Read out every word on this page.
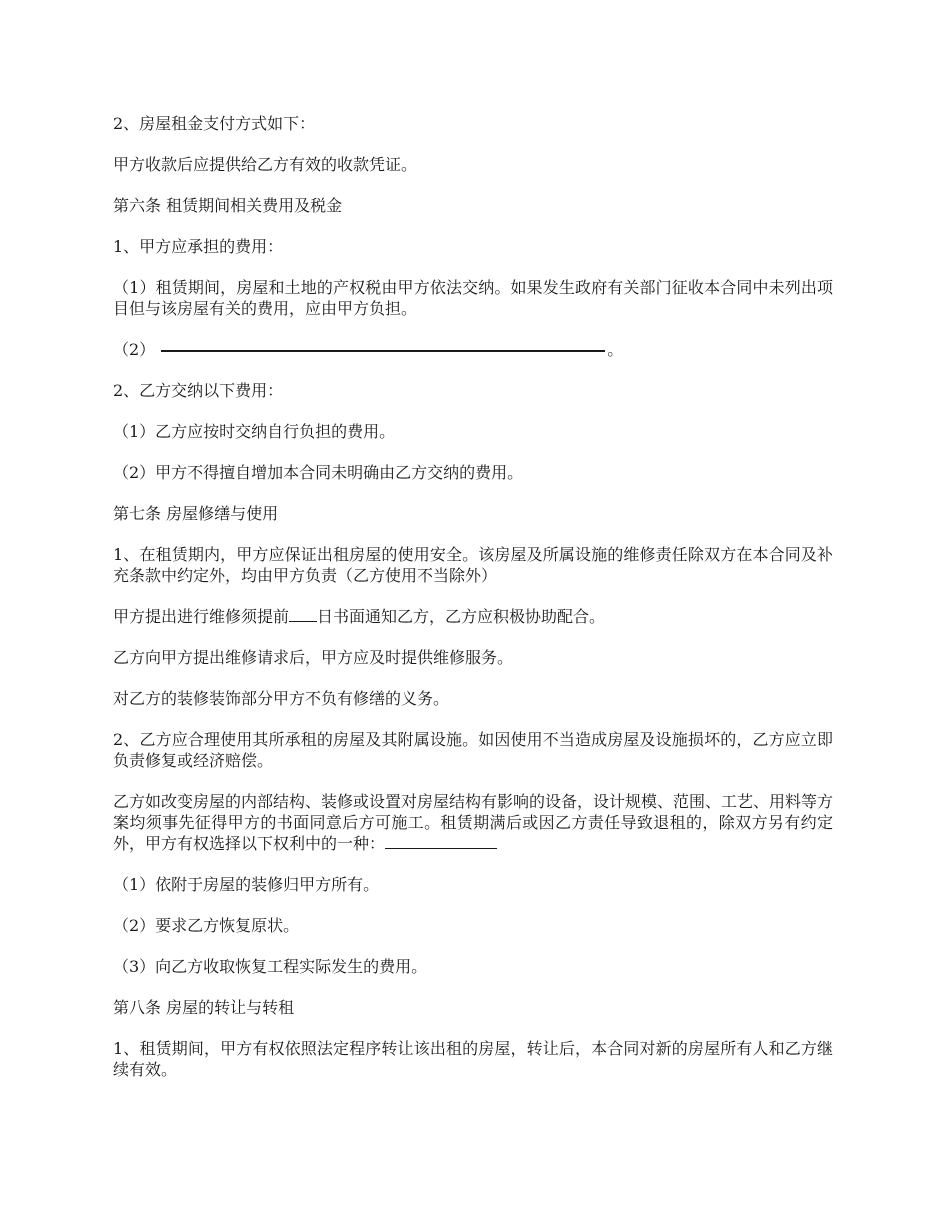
2、房屋租金支付方式如下：

甲方收款后应提供给乙方有效的收款凭证。

第六条 租赁期间相关费用及税金

1、甲方应承担的费用：

（1）租赁期间，房屋和土地的产权税由甲方依法交纳。如果发生政府有关部门征收本合同中未列出项目但与该房屋有关的费用，应由甲方负担。

（2）	。

2、乙方交纳以下费用：

（1）乙方应按时交纳自行负担的费用。

（2）甲方不得擅自增加本合同未明确由乙方交纳的费用。

第七条 房屋修缮与使用

1、在租赁期内，甲方应保证出租房屋的使用安全。该房屋及所属设施的维修责任除双方在本合同及补充条款中约定外，均由甲方负责（乙方使用不当除外）

甲方提出进行维修须提前 日书面通知乙方，乙方应积极协助配合。

乙方向甲方提出维修请求后，甲方应及时提供维修服务。

对乙方的装修装饰部分甲方不负有修缮的义务。

2、乙方应合理使用其所承租的房屋及其附属设施。如因使用不当造成房屋及设施损坏的，乙方应立即负责修复或经济赔偿。

乙方如改变房屋的内部结构、装修或设置对房屋结构有影响的设备，设计规模、范围、工艺、用料等方案均须事先征得甲方的书面同意后方可施工。租赁期满后或因乙方责任导致退租的，除双方另有约定外，甲方有权选择以下权利中的一种：

（1）依附于房屋的装修归甲方所有。

（2）要求乙方恢复原状。

（3）向乙方收取恢复工程实际发生的费用。

第八条 房屋的转让与转租

1、租赁期间，甲方有权依照法定程序转让该出租的房屋，转让后，本合同对新的房屋所有人和乙方继续有效。
